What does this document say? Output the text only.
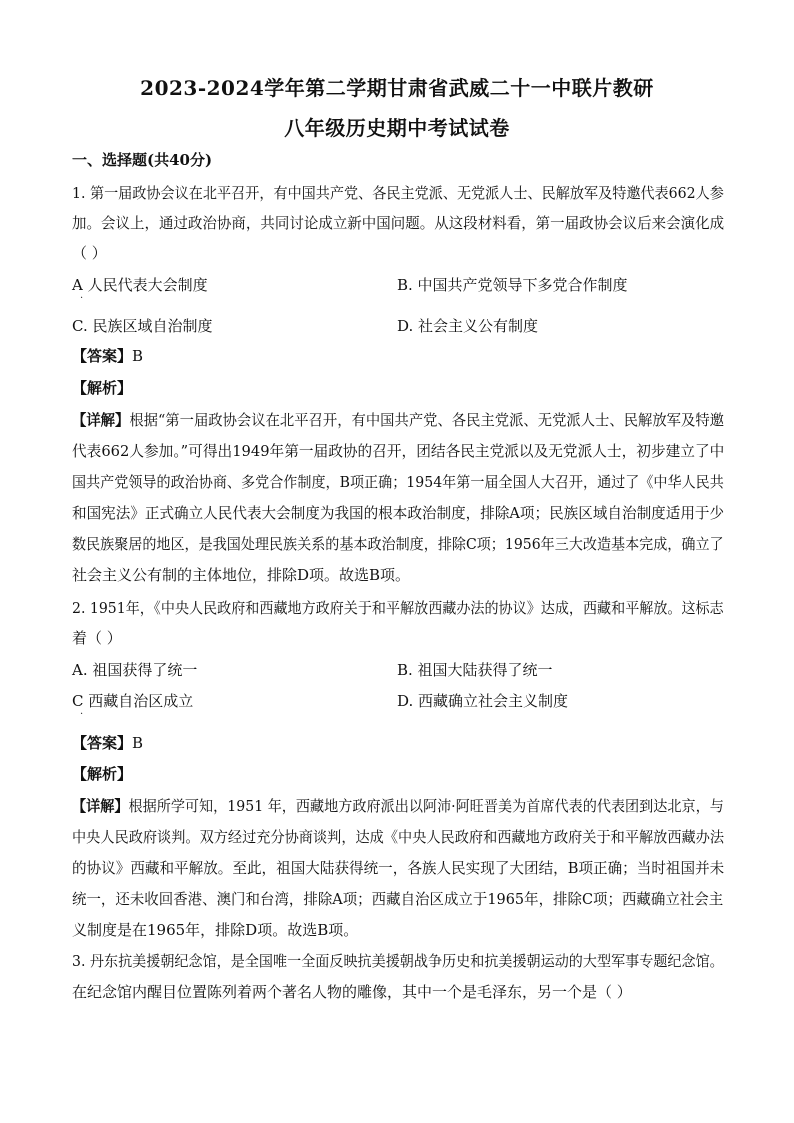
2023-2024学年第二学期甘肃省武威二十一中联片教研
八年级历史期中考试试卷
一、选择题(共40分)
1. 第一届政协会议在北平召开，有中国共产党、各民主党派、无党派人士、民解放军及特邀代表662人参
加。会议上，通过政治协商，共同讨论成立新中国问题。从这段材料看，第一届政协会议后来会演化成
（ ）
A 人民代表大会制度
·
B. 中国共产党领导下多党合作制度
C. 民族区域自治制度	D. 社会主义公有制度
【答案】B
【解析】
【详解】根据“第一届政协会议在北平召开，有中国共产党、各民主党派、无党派人士、民解放军及特邀
代表662人参加。”可得出1949年第一届政协的召开，团结各民主党派以及无党派人士，初步建立了中
国共产党领导的政治协商、多党合作制度，B项正确；1954年第一届全国人大召开，通过了《中华人民共
和国宪法》正式确立人民代表大会制度为我国的根本政治制度，排除A项；民族区域自治制度适用于少
数民族聚居的地区，是我国处理民族关系的基本政治制度，排除C项；1956年三大改造基本完成，确立了
社会主义公有制的主体地位，排除D项。故选B项。
2. 1951年，《中央人民政府和西藏地方政府关于和平解放西藏办法的协议》达成，西藏和平解放。这标志
着（ ）
A. 祖国获得了统一	B. 祖国大陆获得了统一
C 西藏自治区成立
·
D. 西藏确立社会主义制度
【答案】B
【解析】
【详解】根据所学可知，1951 年，西藏地方政府派出以阿沛·阿旺晋美为首席代表的代表团到达北京，与
中央人民政府谈判。双方经过充分协商谈判，达成《中央人民政府和西藏地方政府关于和平解放西藏办法
的协议》西藏和平解放。至此，祖国大陆获得统一，各族人民实现了大团结，B项正确；当时祖国并未
统一，还未收回香港、澳门和台湾，排除A项；西藏自治区成立于1965年，排除C项；西藏确立社会主
义制度是在1965年，排除D项。故选B项。
3. 丹东抗美援朝纪念馆，是全国唯一全面反映抗美援朝战争历史和抗美援朝运动的大型军事专题纪念馆。
在纪念馆内醒目位置陈列着两个著名人物的雕像，其中一个是毛泽东，另一个是（ ）
